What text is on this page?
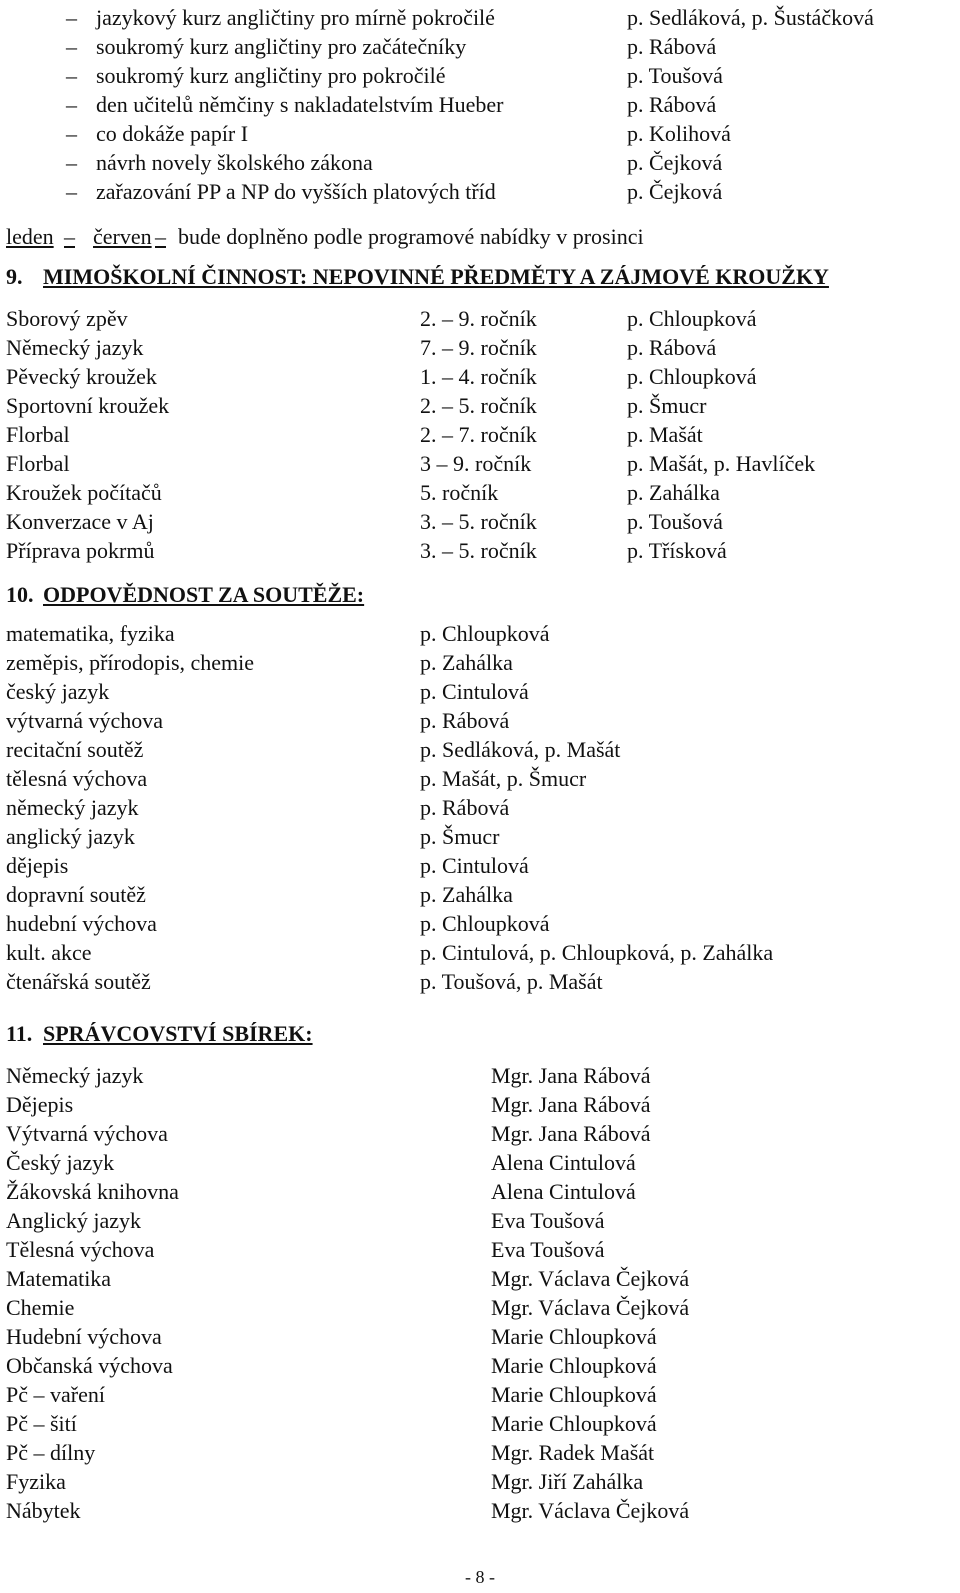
– jazykový kurz angličtiny pro mírně pokročilé	p. Sedláková, p. Šustáčková
– soukromý kurz angličtiny pro začátečníky	p. Rábová
– soukromý kurz angličtiny pro pokročilé	p. Toušová
– den učitelů němčiny s nakladatelstvím Hueber	p. Rábová
– co dokáže papír I	p. Kolihová
– návrh novely školského zákona	p. Čejková
– zařazování PP a NP do vyšších platových tříd	p. Čejková
leden – červen – bude doplněno podle programové nabídky v prosinci
9. MIMOŠKOLNÍ ČINNOST: NEPOVINNÉ PŘEDMĚTY A ZÁJMOVÉ KROUŽKY
Sborový zpěv	2. – 9. ročník	p. Chloupková
Německý jazyk	7. – 9. ročník	p. Rábová
Pěvecký kroužek	1. – 4. ročník	p. Chloupková
Sportovní kroužek	2. – 5. ročník	p. Šmucr
Florbal	2. – 7. ročník	p. Mašát
Florbal	3 – 9. ročník	p. Mašát, p. Havlíček
Kroužek počítačů	5. ročník	p. Zahálka
Konverzace v Aj	3. – 5. ročník	p. Toušová
Příprava pokrmů	3. – 5. ročník	p. Třísková
10. ODPOVĚDNOST ZA SOUTĚŽE:
matematika, fyzika	p. Chloupková
zeměpis, přírodopis, chemie	p. Zahálka
český jazyk	p. Cintulová
výtvarná výchova	p. Rábová
recitační soutěž	p. Sedláková, p. Mašát
tělesná výchova	p. Mašát, p. Šmucr
německý jazyk	p. Rábová
anglický jazyk	p. Šmucr
dějepis	p. Cintulová
dopravní soutěž	p. Zahálka
hudební výchova	p. Chloupková
kult. akce	p. Cintulová, p. Chloupková, p. Zahálka
čtenářská soutěž	p. Toušová, p. Mašát
11. SPRÁVCOVSTVÍ SBÍREK:
Německý jazyk	Mgr. Jana Rábová
Dějepis	Mgr. Jana Rábová
Výtvarná výchova	Mgr. Jana Rábová
Český jazyk	Alena Cintulová
Žákovská knihovna	Alena Cintulová
Anglický jazyk	Eva Toušová
Tělesná výchova	Eva Toušová
Matematika	Mgr. Václava Čejková
Chemie	Mgr. Václava Čejková
Hudební výchova	Marie Chloupková
Občanská výchova	Marie Chloupková
Pč – vaření	Marie Chloupková
Pč – šití	Marie Chloupková
Pč – dílny	Mgr. Radek Mašát
Fyzika	Mgr. Jiří Zahálka
Nábytek	Mgr. Václava Čejková
- 8 -
